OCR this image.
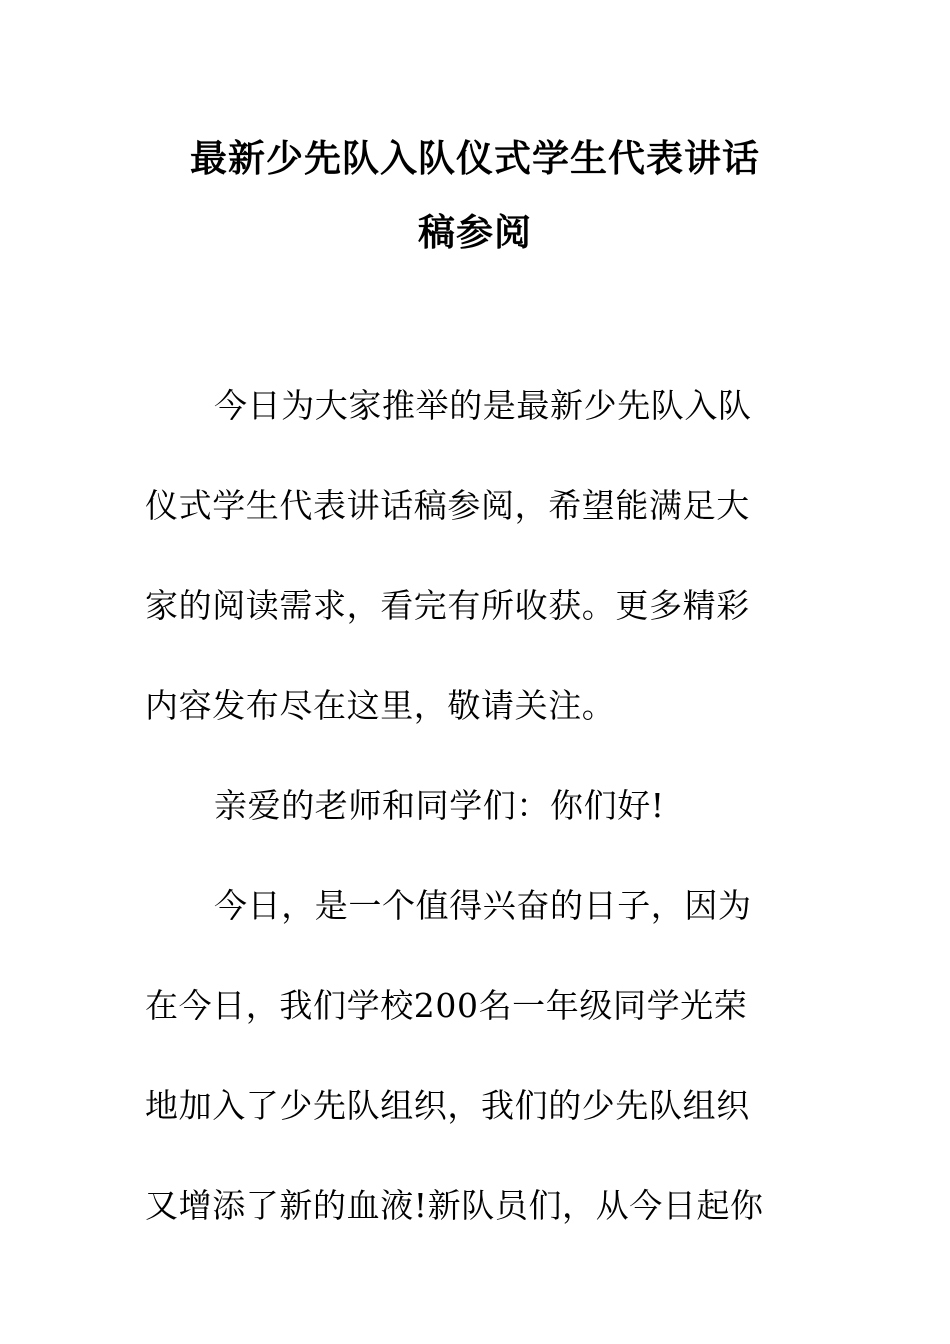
最新少先队入队仪式学生代表讲话
稿参阅
今日为大家推举的是最新少先队入队
仪式学生代表讲话稿参阅，希望能满足大
家的阅读需求，看完有所收获。更多精彩
内容发布尽在这里，敬请关注。
亲爱的老师和同学们：你们好!
今日，是一个值得兴奋的日子，因为
在今日，我们学校200名一年级同学光荣
地加入了少先队组织，我们的少先队组织
又增添了新的血液!新队员们，从今日起你
